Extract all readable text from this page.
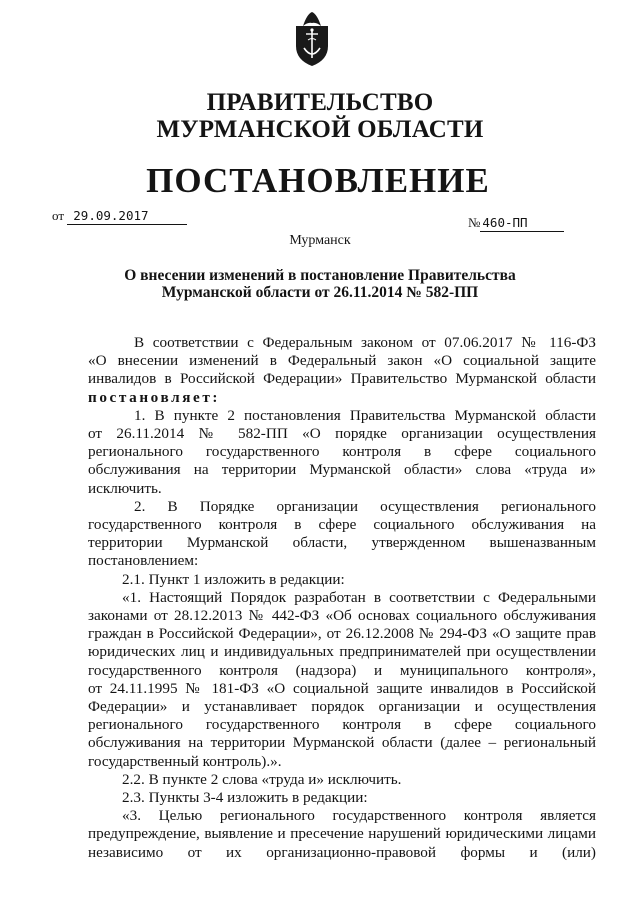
ПРАВИТЕЛЬСТВО
МУРМАНСКОЙ ОБЛАСТИ
ПОСТАНОВЛЕНИЕ
от 29.09.2017	№ 460-ПП
Мурманск
О внесении изменений в постановление Правительства
Мурманской области от 26.11.2014 № 582-ПП

В соответствии с Федеральным законом от 07.06.2017 № 116-ФЗ

«О внесении изменений в Федеральный закон «О социальной защите

инвалидов в Российской Федерации» Правительство Мурманской области

постановляет:

1. В пункте 2 постановления Правительства Мурманской области

от 26.11.2014 № 582-ПП «О порядке организации осуществления

регионального государственного контроля в сфере социального

обслуживания на территории Мурманской области» слова «труда и»

исключить.

2. В Порядке организации осуществления регионального

государственного контроля в сфере социального обслуживания на

территории Мурманской области, утвержденном вышеназванным

постановлением:

2.1. Пункт 1 изложить в редакции:

«1. Настоящий Порядок разработан в соответствии с Федеральными

законами от 28.12.2013 № 442-ФЗ «Об основах социального обслуживания

граждан в Российской Федерации», от 26.12.2008 № 294-ФЗ «О защите прав

юридических лиц и индивидуальных предпринимателей при осуществлении

государственного контроля (надзора) и муниципального контроля»,

от 24.11.1995 № 181-ФЗ «О социальной защите инвалидов в Российской

Федерации» и устанавливает порядок организации и осуществления

регионального государственного контроля в сфере социального

обслуживания на территории Мурманской области (далее – региональный

государственный контроль).».

2.2. В пункте 2 слова «труда и» исключить.

2.3. Пункты 3-4 изложить в редакции:

«3. Целью регионального государственного контроля является

предупреждение, выявление и пресечение нарушений юридическими лицами

независимо от их организационно-правовой формы и (или)
